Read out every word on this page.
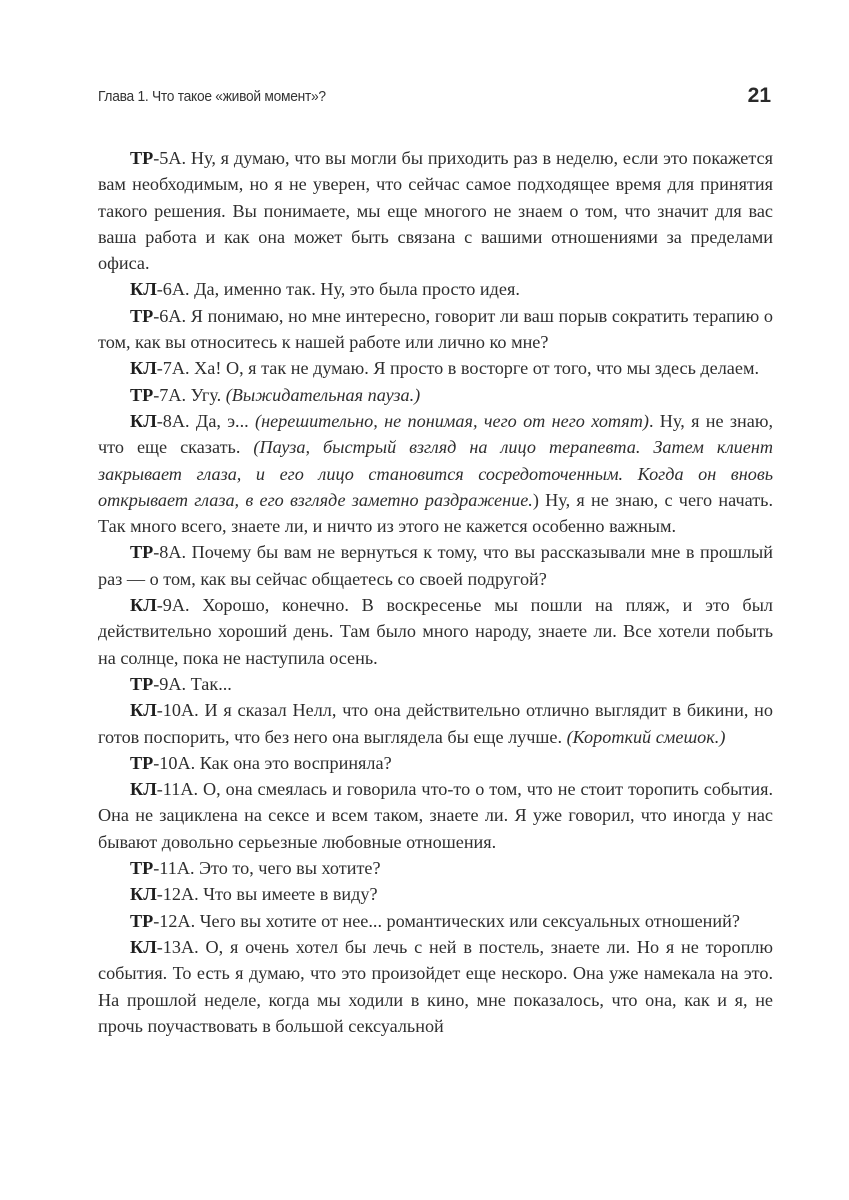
Глава 1. Что такое «живой момент»?	21

ТР-5А. Ну, я думаю, что вы могли бы приходить раз в неделю, если это покажется вам необходимым, но я не уверен, что сейчас самое подходящее время для принятия такого решения. Вы понимаете, мы еще многого не знаем о том, что значит для вас ваша работа и как она может быть связана с вашими отношениями за пределами офиса.

КЛ-6А. Да, именно так. Ну, это была просто идея.

ТР-6А. Я понимаю, но мне интересно, говорит ли ваш порыв сократить терапию о том, как вы относитесь к нашей работе или лично ко мне?

КЛ-7А. Ха! О, я так не думаю. Я просто в восторге от того, что мы здесь делаем.

ТР-7А. Угу. (Выжидательная пауза.)

КЛ-8А. Да, э... (нерешительно, не понимая, чего от него хотят). Ну, я не знаю, что еще сказать. (Пауза, быстрый взгляд на лицо терапевта. Затем клиент закрывает глаза, и его лицо становится сосредоточенным. Когда он вновь открывает глаза, в его взгляде заметно раздражение.) Ну, я не знаю, с чего начать. Так много всего, знаете ли, и ничто из этого не кажется особенно важным.

ТР-8А. Почему бы вам не вернуться к тому, что вы рассказывали мне в прошлый раз — о том, как вы сейчас общаетесь со своей подругой?

КЛ-9А. Хорошо, конечно. В воскресенье мы пошли на пляж, и это был действительно хороший день. Там было много народу, знаете ли. Все хотели побыть на солнце, пока не наступила осень.

ТР-9А. Так...

КЛ-10А. И я сказал Нелл, что она действительно отлично выглядит в бикини, но готов поспорить, что без него она выглядела бы еще лучше. (Короткий смешок.)

ТР-10А. Как она это восприняла?

КЛ-11А. О, она смеялась и говорила что-то о том, что не стоит торопить события. Она не зациклена на сексе и всем таком, знаете ли. Я уже говорил, что иногда у нас бывают довольно серьезные любовные отношения.

ТР-11А. Это то, чего вы хотите?

КЛ-12А. Что вы имеете в виду?

ТР-12А. Чего вы хотите от нее... романтических или сексуальных отношений?

КЛ-13А. О, я очень хотел бы лечь с ней в постель, знаете ли. Но я не тороплю события. То есть я думаю, что это произойдет еще нескоро. Она уже намекала на это. На прошлой неделе, когда мы ходили в кино, мне показалось, что она, как и я, не прочь поучаствовать в большой сексуальной
